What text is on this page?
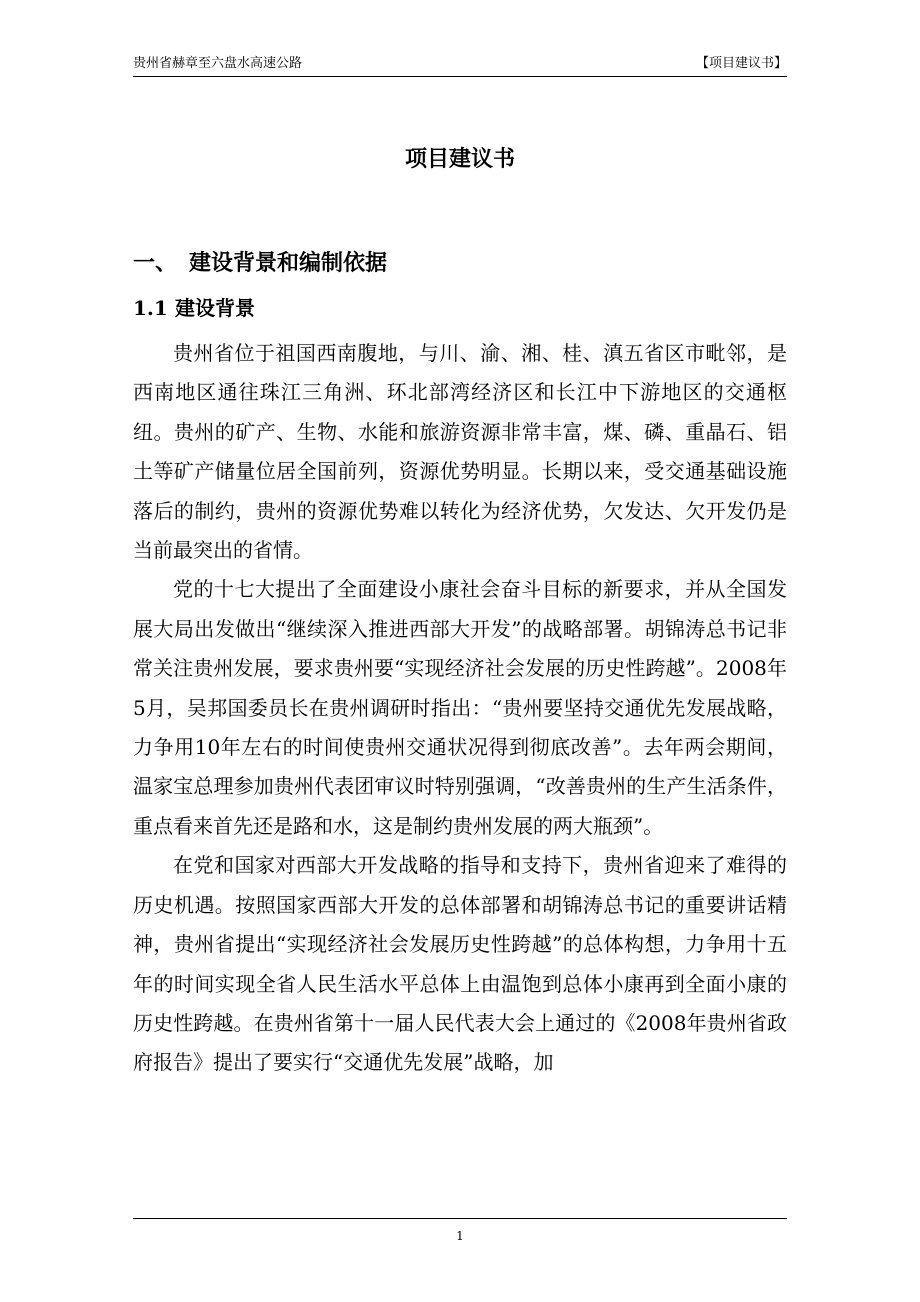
贵州省赫章至六盘水高速公路	【项目建议书】
项目建议书
一、 建设背景和编制依据
1.1 建设背景

贵州省位于祖国西南腹地，与川、渝、湘、桂、滇五省区市毗邻，是西南地区通往珠江三角洲、环北部湾经济区和长江中下游地区的交通枢纽。贵州的矿产、生物、水能和旅游资源非常丰富，煤、磷、重晶石、铝土等矿产储量位居全国前列，资源优势明显。长期以来，受交通基础设施落后的制约，贵州的资源优势难以转化为经济优势，欠发达、欠开发仍是当前最突出的省情。

党的十七大提出了全面建设小康社会奋斗目标的新要求，并从全国发展大局出发做出“继续深入推进西部大开发”的战略部署。胡锦涛总书记非常关注贵州发展，要求贵州要“实现经济社会发展的历史性跨越”。2008年5月，吴邦国委员长在贵州调研时指出：“贵州要坚持交通优先发展战略，力争用10年左右的时间使贵州交通状况得到彻底改善”。去年两会期间，温家宝总理参加贵州代表团审议时特别强调，“改善贵州的生产生活条件，重点看来首先还是路和水，这是制约贵州发展的两大瓶颈”。

在党和国家对西部大开发战略的指导和支持下，贵州省迎来了难得的历史机遇。按照国家西部大开发的总体部署和胡锦涛总书记的重要讲话精神，贵州省提出“实现经济社会发展历史性跨越”的总体构想，力争用十五年的时间实现全省人民生活水平总体上由温饱到总体小康再到全面小康的历史性跨越。在贵州省第十一届人民代表大会上通过的《2008年贵州省政府报告》提出了要实行“交通优先发展”战略，加

1
